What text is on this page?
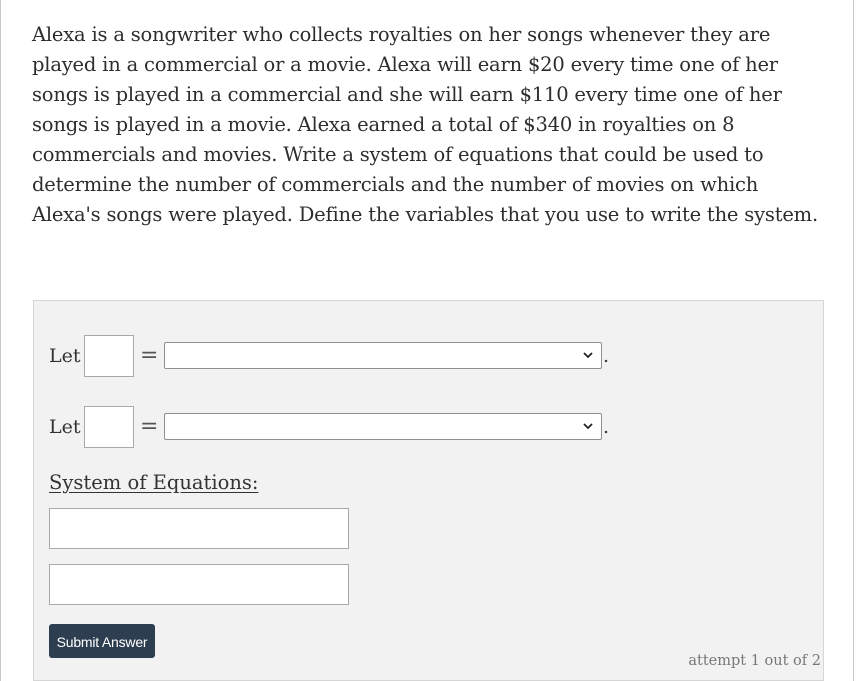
Alexa is a songwriter who collects royalties on her songs whenever they are played in a commercial or a movie. Alexa will earn $20 every time one of her songs is played in a commercial and she will earn $110 every time one of her songs is played in a movie. Alexa earned a total of $340 in royalties on 8 commercials and movies. Write a system of equations that could be used to determine the number of commercials and the number of movies on which Alexa's songs were played. Define the variables that you use to write the system.
Let	=	.
Let	=	.
System of Equations:
Submit Answer
attempt 1 out of 2
